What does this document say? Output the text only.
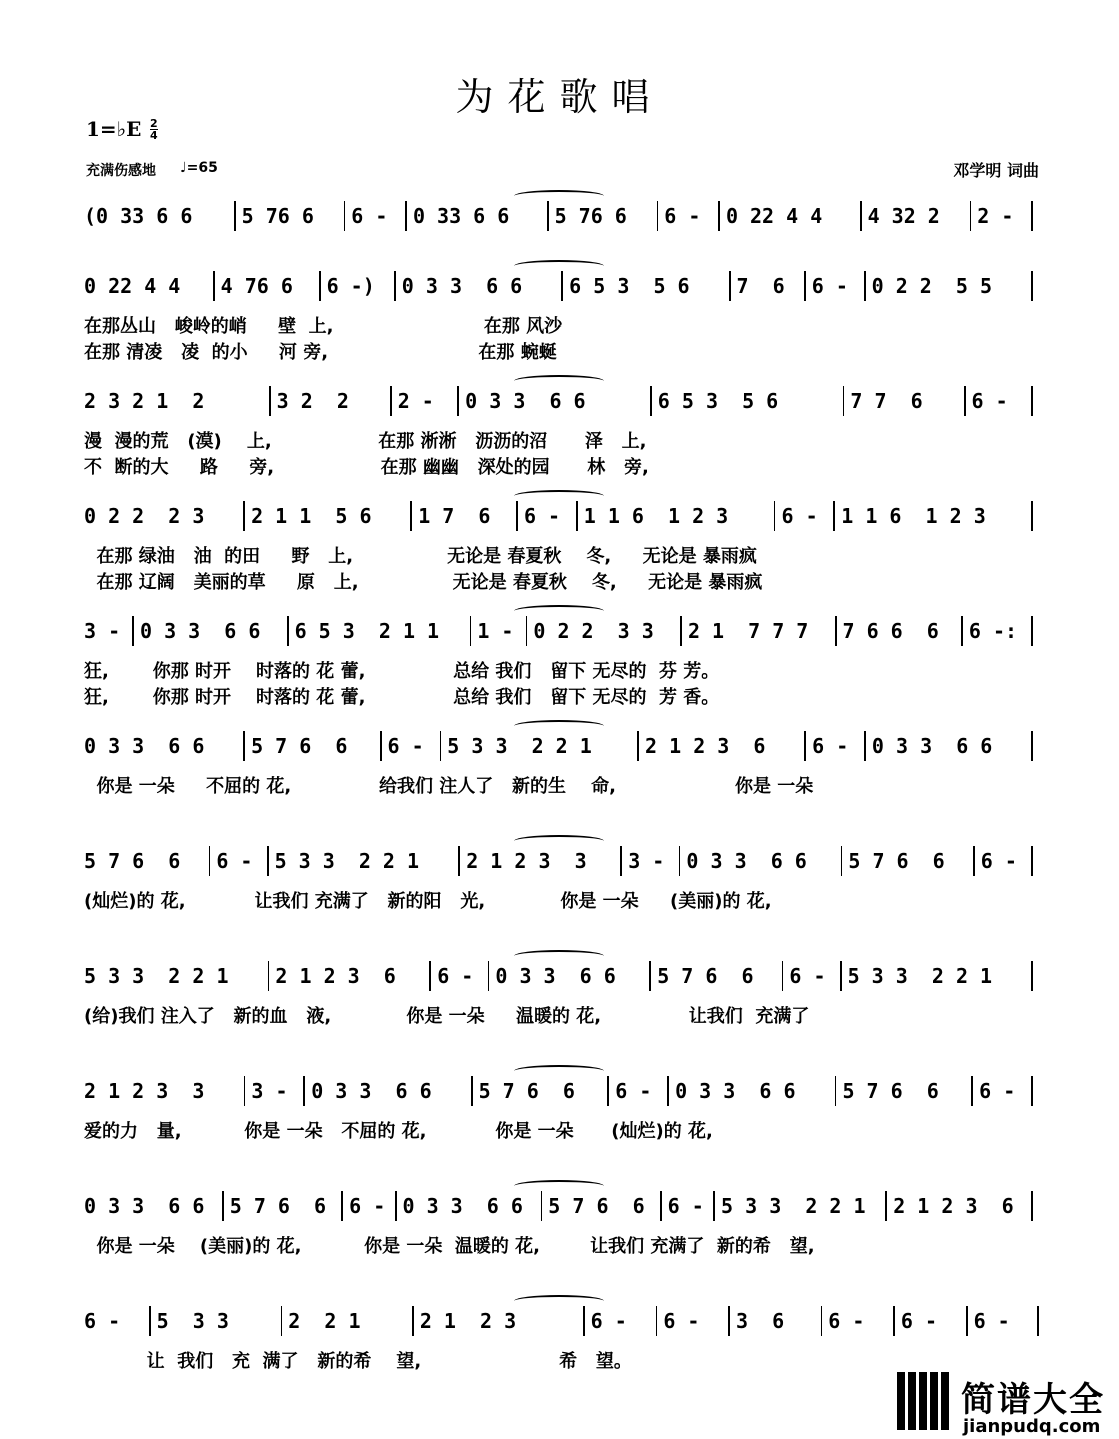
为花歌唱
1=♭E 2
4
充满伤感地 ♩=65	邓学明 词曲
(0 33 6 6	5 76 6	6 -	0 33 6 6	5 76 6	6 -	0 22 4 4	4 32 2	2 -
0 22 4 4	4 76 6	6 -)	0 3 3  6 6	6 5 3  5 6	7  6	6 -	0 2 2  5 5
在那丛山   峻岭的峭     壁  上,                        在那 风沙
在那 清凌   凌  的小     河 旁,                        在那 蜿蜒
2 3 2 1  2	3 2  2	2 -	0 3 3  6 6	6 5 3  5 6	7 7  6	6 -
漫  漫的荒   (漠)    上,                 在那 淅淅   沥沥的沼      泽   上,
不  断的大     路     旁,                 在那 幽幽   深处的园      林   旁,
0 2 2  2 3	2 1 1  5 6	1 7  6	6 -	1 1 6  1 2 3	6 -	1 1 6  1 2 3
在那 绿油   油  的田     野   上,               无论是 春夏秋    冬,     无论是 暴雨疯
在那 辽阔   美丽的草     原   上,               无论是 春夏秋    冬,     无论是 暴雨疯
3 - 0 3 3  6 6	6 5 3  2 1 1	1 - 0 2 2  3 3	2 1  7 7 7	7 6 6  6	6 -:
狂,       你那 时开    时落的 花 蕾,              总给 我们   留下 无尽的  芬 芳。
狂,       你那 时开    时落的 花 蕾,              总给 我们   留下 无尽的  芳 香。
0 3 3  6 6	5 7 6  6	6 -	5 3 3  2 2 1	2 1 2 3  6	6 -	0 3 3  6 6
你是 一朵     不屈的 花,              给我们 注人了   新的生    命,                   你是 一朵
5 7 6  6	6 -	5 3 3  2 2 1	2 1 2 3  3	3 -	0 3 3  6 6	5 7 6  6	6 -
(灿烂)的 花,           让我们 充满了   新的阳   光,            你是 一朵     (美丽)的 花,
5 3 3  2 2 1	2 1 2 3  6	6 -	0 3 3  6 6	5 7 6  6	6 -	5 3 3  2 2 1
(给)我们 注入了   新的血   液,            你是 一朵     温暖的 花,              让我们  充满了
2 1 2 3  3	3 -	0 3 3  6 6	5 7 6  6	6 -	0 3 3  6 6	5 7 6  6	6 -
爱的力   量,          你是 一朵   不屈的 花,           你是 一朵      (灿烂)的 花,
0 3 3  6 6	5 7 6  6	6 - 0 3 3  6 6	5 7 6  6	6 - 5 3 3  2 2 1	2 1 2 3  6
你是 一朵    (美丽)的 花,          你是 一朵  温暖的 花,        让我们 充满了  新的希   望,
6 -	5  3 3	2  2 1	2 1  2 3	6 -	6 -	3  6	6 -	6 -	6 -
让  我们   充  满了   新的希    望,                      希   望。
简谱大全
jianpudq.com
